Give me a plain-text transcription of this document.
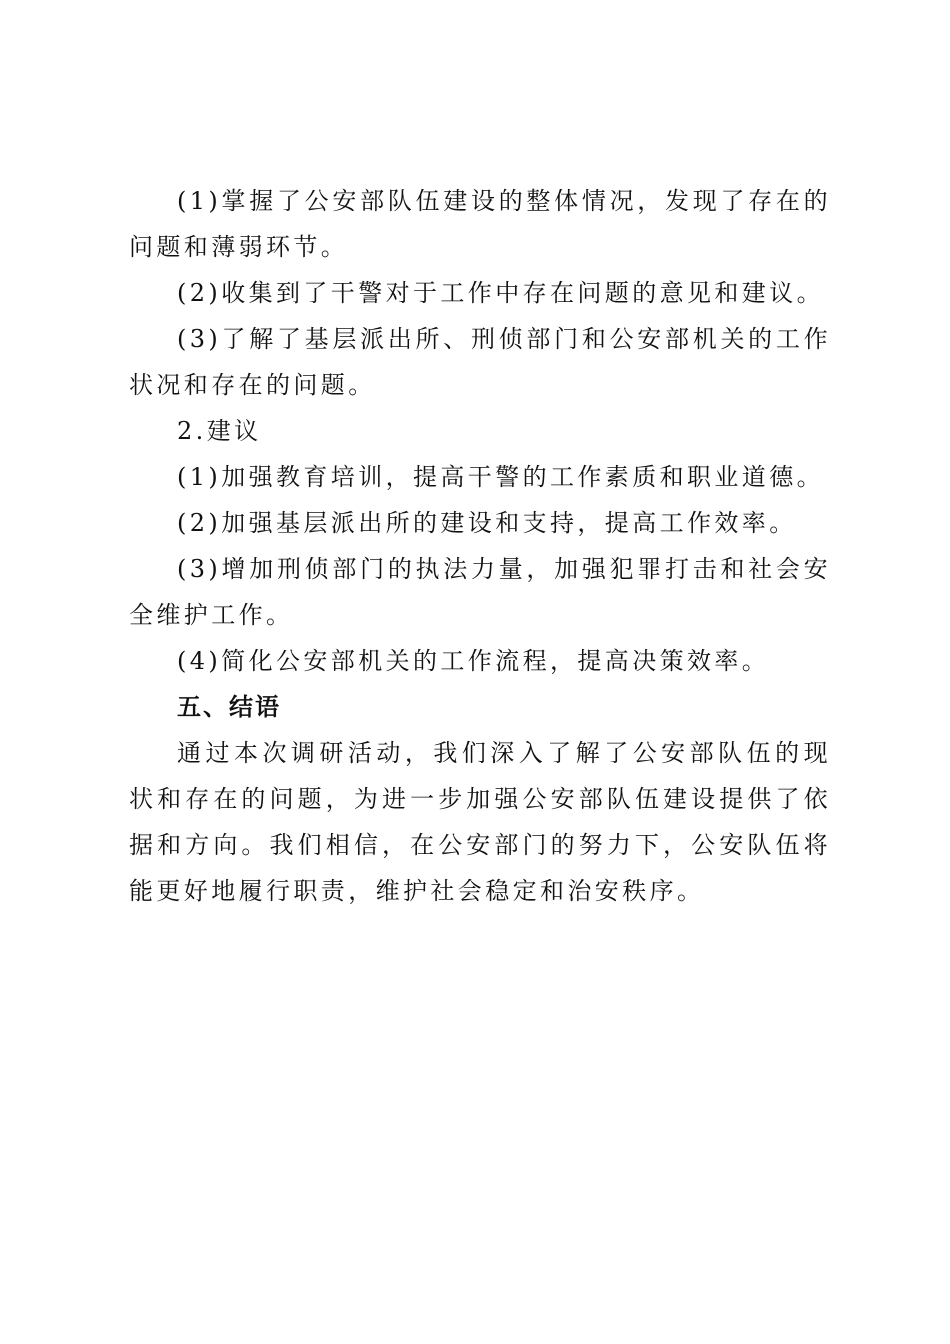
(1)掌握了公安部队伍建设的整体情况，发现了存在的问题和薄弱环节。

(2)收集到了干警对于工作中存在问题的意见和建议。

(3)了解了基层派出所、刑侦部门和公安部机关的工作状况和存在的问题。

2.建议

(1)加强教育培训，提高干警的工作素质和职业道德。

(2)加强基层派出所的建设和支持，提高工作效率。

(3)增加刑侦部门的执法力量，加强犯罪打击和社会安全维护工作。

(4)简化公安部机关的工作流程，提高决策效率。

五、结语

通过本次调研活动，我们深入了解了公安部队伍的现状和存在的问题，为进一步加强公安部队伍建设提供了依据和方向。我们相信，在公安部门的努力下，公安队伍将能更好地履行职责，维护社会稳定和治安秩序。
